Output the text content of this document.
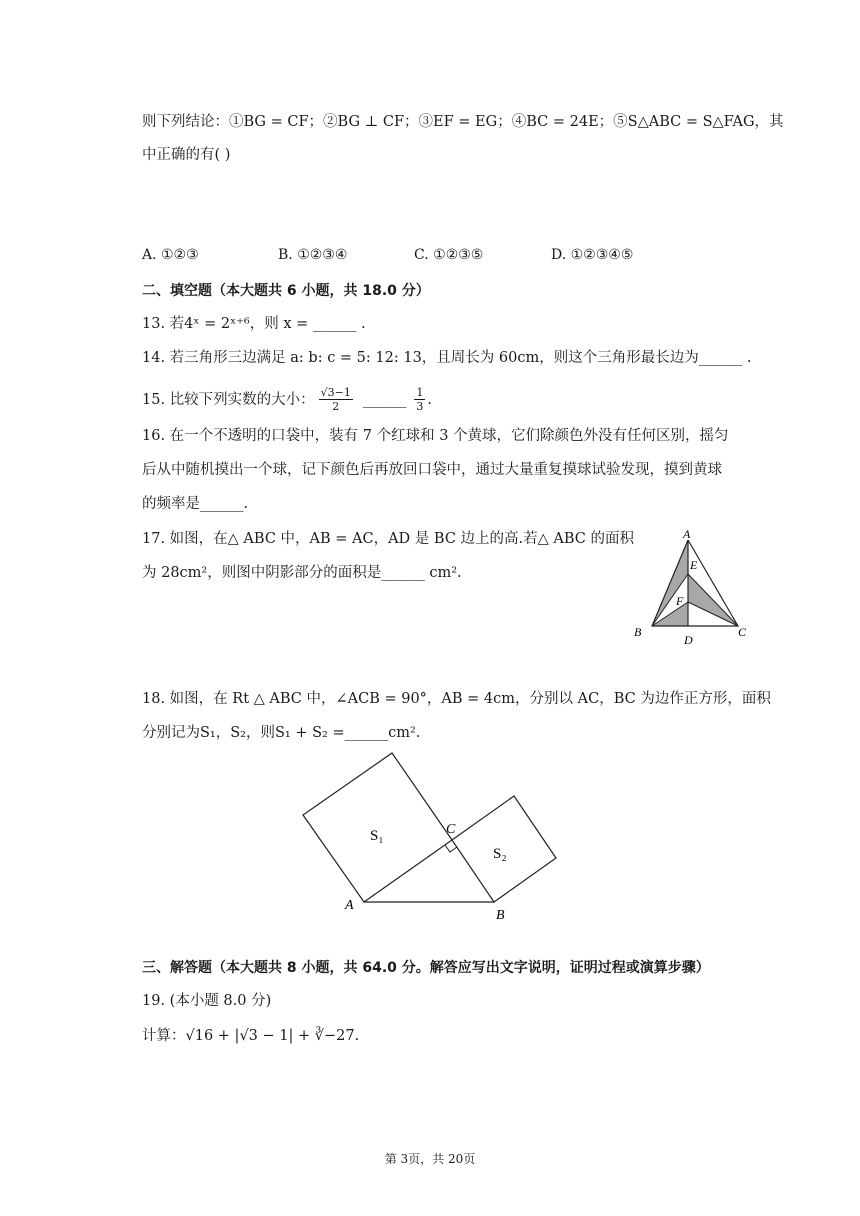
则下列结论：①BG = CF；②BG ⊥ CF；③EF = EG；④BC = 24E；⑤S△ABC = S△FAG，其
中正确的有( )
A. ①②③	B. ①②③④	C. ①②③⑤	D. ①②③④⑤
二、填空题（本大题共 6 小题，共 18.0 分）
13. 若4ˣ = 2ˣ⁺⁶，则 x = ______ .
14. 若三角形三边满足 a: b: c = 5: 12: 13，且周长为 60cm，则这个三角形最长边为______ .
15. 比较下列实数的大小： $\frac{√3-1}{2}$ ______ $\frac{1}{3}$ .
16. 在一个不透明的口袋中，装有 7 个红球和 3 个黄球，它们除颜色外没有任何区别，摇匀
后从中随机摸出一个球，记下颜色后再放回口袋中，通过大量重复摸球试验发现，摸到黄球
的频率是______.
17. 如图，在△ ABC 中，AB = AC，AD 是 BC 边上的高.若△ ABC 的面积
为 28cm²，则图中阴影部分的面积是______ cm².
A
E
F
B
D
C
18. 如图，在 Rt △ ABC 中，∠ACB = 90°，AB = 4cm，分别以 AC，BC 为边作正方形，面积
分别记为S₁，S₂，则S₁ + S₂ =______cm².
S₁
S₂
C
A
B
三、解答题（本大题共 8 小题，共 64.0 分。解答应写出文字说明，证明过程或演算步骤）
19. (本小题 8.0 分)
计算：√16 + |√3 − 1| + ∛−27.
第 3页，共 20页
